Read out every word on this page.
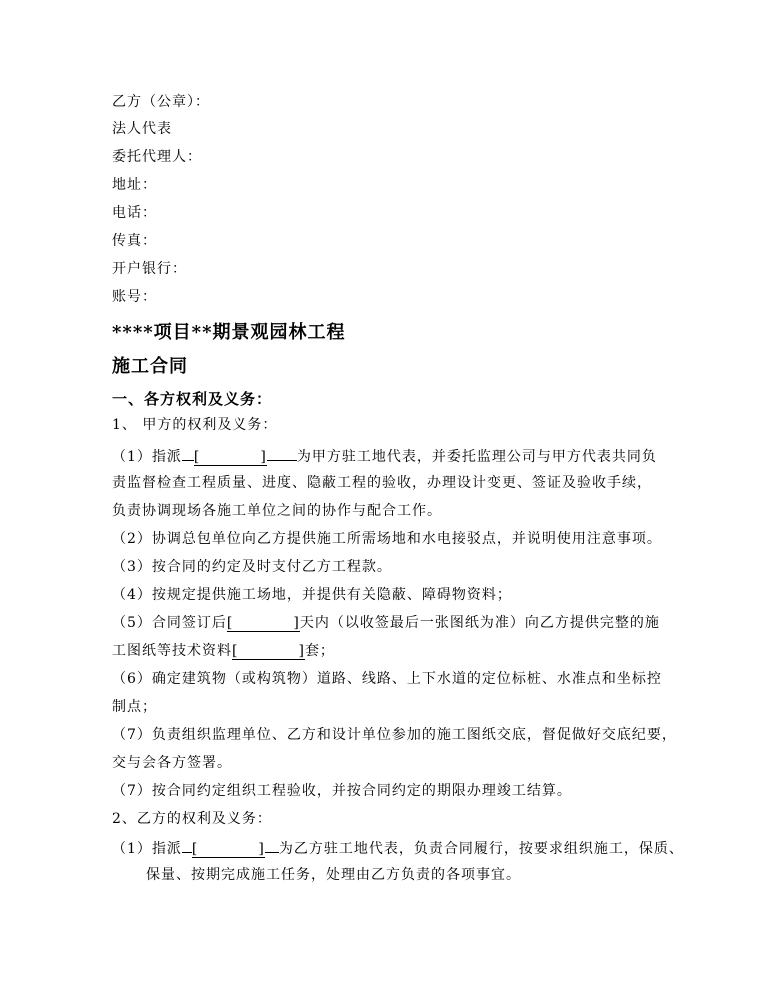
乙方（公章）：
法人代表
委托代理人：
地址：
电话：
传真：
开户银行：
账号：
****项目**期景观园林工程
施工合同
一、各方权利及义务：
1、 甲方的权利及义务：
（1）指派 [　　　　] 为甲方驻工地代表，并委托监理公司与甲方代表共同负
责监督检查工程质量、进度、隐蔽工程的验收，办理设计变更、签证及验收手续，
负责协调现场各施工单位之间的协作与配合工作。
（2）协调总包单位向乙方提供施工所需场地和水电接驳点，并说明使用注意事项。
（3）按合同的约定及时支付乙方工程款。
（4）按规定提供施工场地，并提供有关隐蔽、障碍物资料；
（5）合同签订后[　　　　]天内（以收签最后一张图纸为准）向乙方提供完整的施
工图纸等技术资料[　　　　]套；
（6）确定建筑物（或构筑物）道路、线路、上下水道的定位标桩、水准点和坐标控
制点；
（7）负责组织监理单位、乙方和设计单位参加的施工图纸交底，督促做好交底纪要，
交与会各方签署。
（7）按合同约定组织工程验收，并按合同约定的期限办理竣工结算。
2、乙方的权利及义务：
（1）指派 [　　　　] 为乙方驻工地代表，负责合同履行，按要求组织施工，保质、
保量、按期完成施工任务，处理由乙方负责的各项事宜。
